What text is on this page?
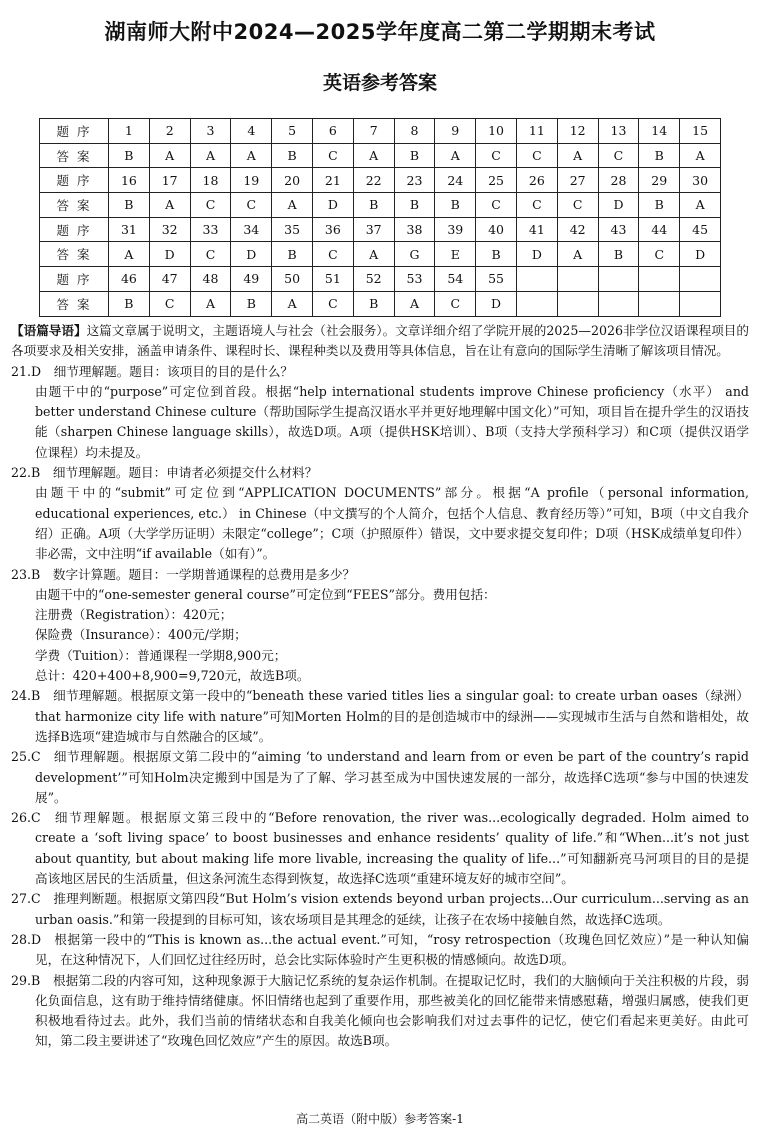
湖南师大附中2024—2025学年度高二第二学期期末考试
英语参考答案
题序	1	2	3	4	5	6	7	8	9	10	11	12	13	14	15
答案	B	A	A	A	B	C	A	B	A	C	C	A	C	B	A
题序	16	17	18	19	20	21	22	23	24	25	26	27	28	29	30
答案	B	A	C	C	A	D	B	B	B	C	C	C	D	B	A
题序	31	32	33	34	35	36	37	38	39	40	41	42	43	44	45
答案	A	D	C	D	B	C	A	G	E	B	D	A	B	C	D
题序	46	47	48	49	50	51	52	53	54	55					
答案	B	C	A	B	A	C	B	A	C	D					

【语篇导语】这篇文章属于说明文，主题语境人与社会（社会服务）。文章详细介绍了学院开展的2025—2026非学位汉语课程项目的各项要求及相关安排，涵盖申请条件、课程时长、课程种类以及费用等具体信息，旨在让有意向的国际学生清晰了解该项目情况。

21.D  细节理解题。题目：该项目的目的是什么？

由题干中的“purpose”可定位到首段。根据“help international students improve Chinese proficiency（水平） and better understand Chinese culture（帮助国际学生提高汉语水平并更好地理解中国文化）”可知，项目旨在提升学生的汉语技能（sharpen Chinese language skills），故选D项。A项（提供HSK培训）、B项（支持大学预科学习）和C项（提供汉语学位课程）均未提及。

22.B  细节理解题。题目：申请者必须提交什么材料？

由题干中的“submit”可定位到“APPLICATION DOCUMENTS”部分。根据“A profile（personal information, educational experiences, etc.） in Chinese（中文撰写的个人简介，包括个人信息、教育经历等）”可知，B项（中文自我介绍）正确。A项（大学学历证明）未限定“college”；C项（护照原件）错误，文中要求提交复印件；D项（HSK成绩单复印件）非必需，文中注明“if available（如有）”。

23.B  数字计算题。题目：一学期普通课程的总费用是多少？

由题干中的“one-semester general course”可定位到“FEES”部分。费用包括：

注册费（Registration）：420元；

保险费（Insurance）：400元/学期；

学费（Tuition）：普通课程一学期8,900元；

总计：420+400+8,900=9,720元，故选B项。

24.B  细节理解题。根据原文第一段中的“beneath these varied titles lies a singular goal: to create urban oases（绿洲） that harmonize city life with nature”可知Morten Holm的目的是创造城市中的绿洲——实现城市生活与自然和谐相处，故选择B选项“建造城市与自然融合的区域”。

25.C  细节理解题。根据原文第二段中的“aiming ‘to understand and learn from or even be part of the country’s rapid development’”可知Holm决定搬到中国是为了了解、学习甚至成为中国快速发展的一部分，故选择C选项“参与中国的快速发展”。

26.C  细节理解题。根据原文第三段中的“Before renovation, the river was...ecologically degraded. Holm aimed to create a ‘soft living space’ to boost businesses and enhance residents’ quality of life.”和“When...it’s not just about quantity, but about making life more livable, increasing the quality of life...”可知翻新亮马河项目的目的是提高该地区居民的生活质量，但这条河流生态得到恢复，故选择C选项“重建环境友好的城市空间”。

27.C  推理判断题。根据原文第四段“But Holm’s vision extends beyond urban projects...Our curriculum...serving as an urban oasis.”和第一段提到的目标可知，该农场项目是其理念的延续，让孩子在农场中接触自然，故选择C选项。

28.D  根据第一段中的“This is known as...the actual event.”可知，“rosy retrospection（玫瑰色回忆效应）”是一种认知偏见，在这种情况下，人们回忆过往经历时，总会比实际体验时产生更积极的情感倾向。故选D项。

29.B  根据第二段的内容可知，这种现象源于大脑记忆系统的复杂运作机制。在提取记忆时，我们的大脑倾向于关注积极的片段，弱化负面信息，这有助于维持情绪健康。怀旧情绪也起到了重要作用，那些被美化的回忆能带来情感慰藉，增强归属感，使我们更积极地看待过去。此外，我们当前的情绪状态和自我美化倾向也会影响我们对过去事件的记忆，使它们看起来更美好。由此可知，第二段主要讲述了“玫瑰色回忆效应”产生的原因。故选B项。

高二英语（附中版）参考答案-1
